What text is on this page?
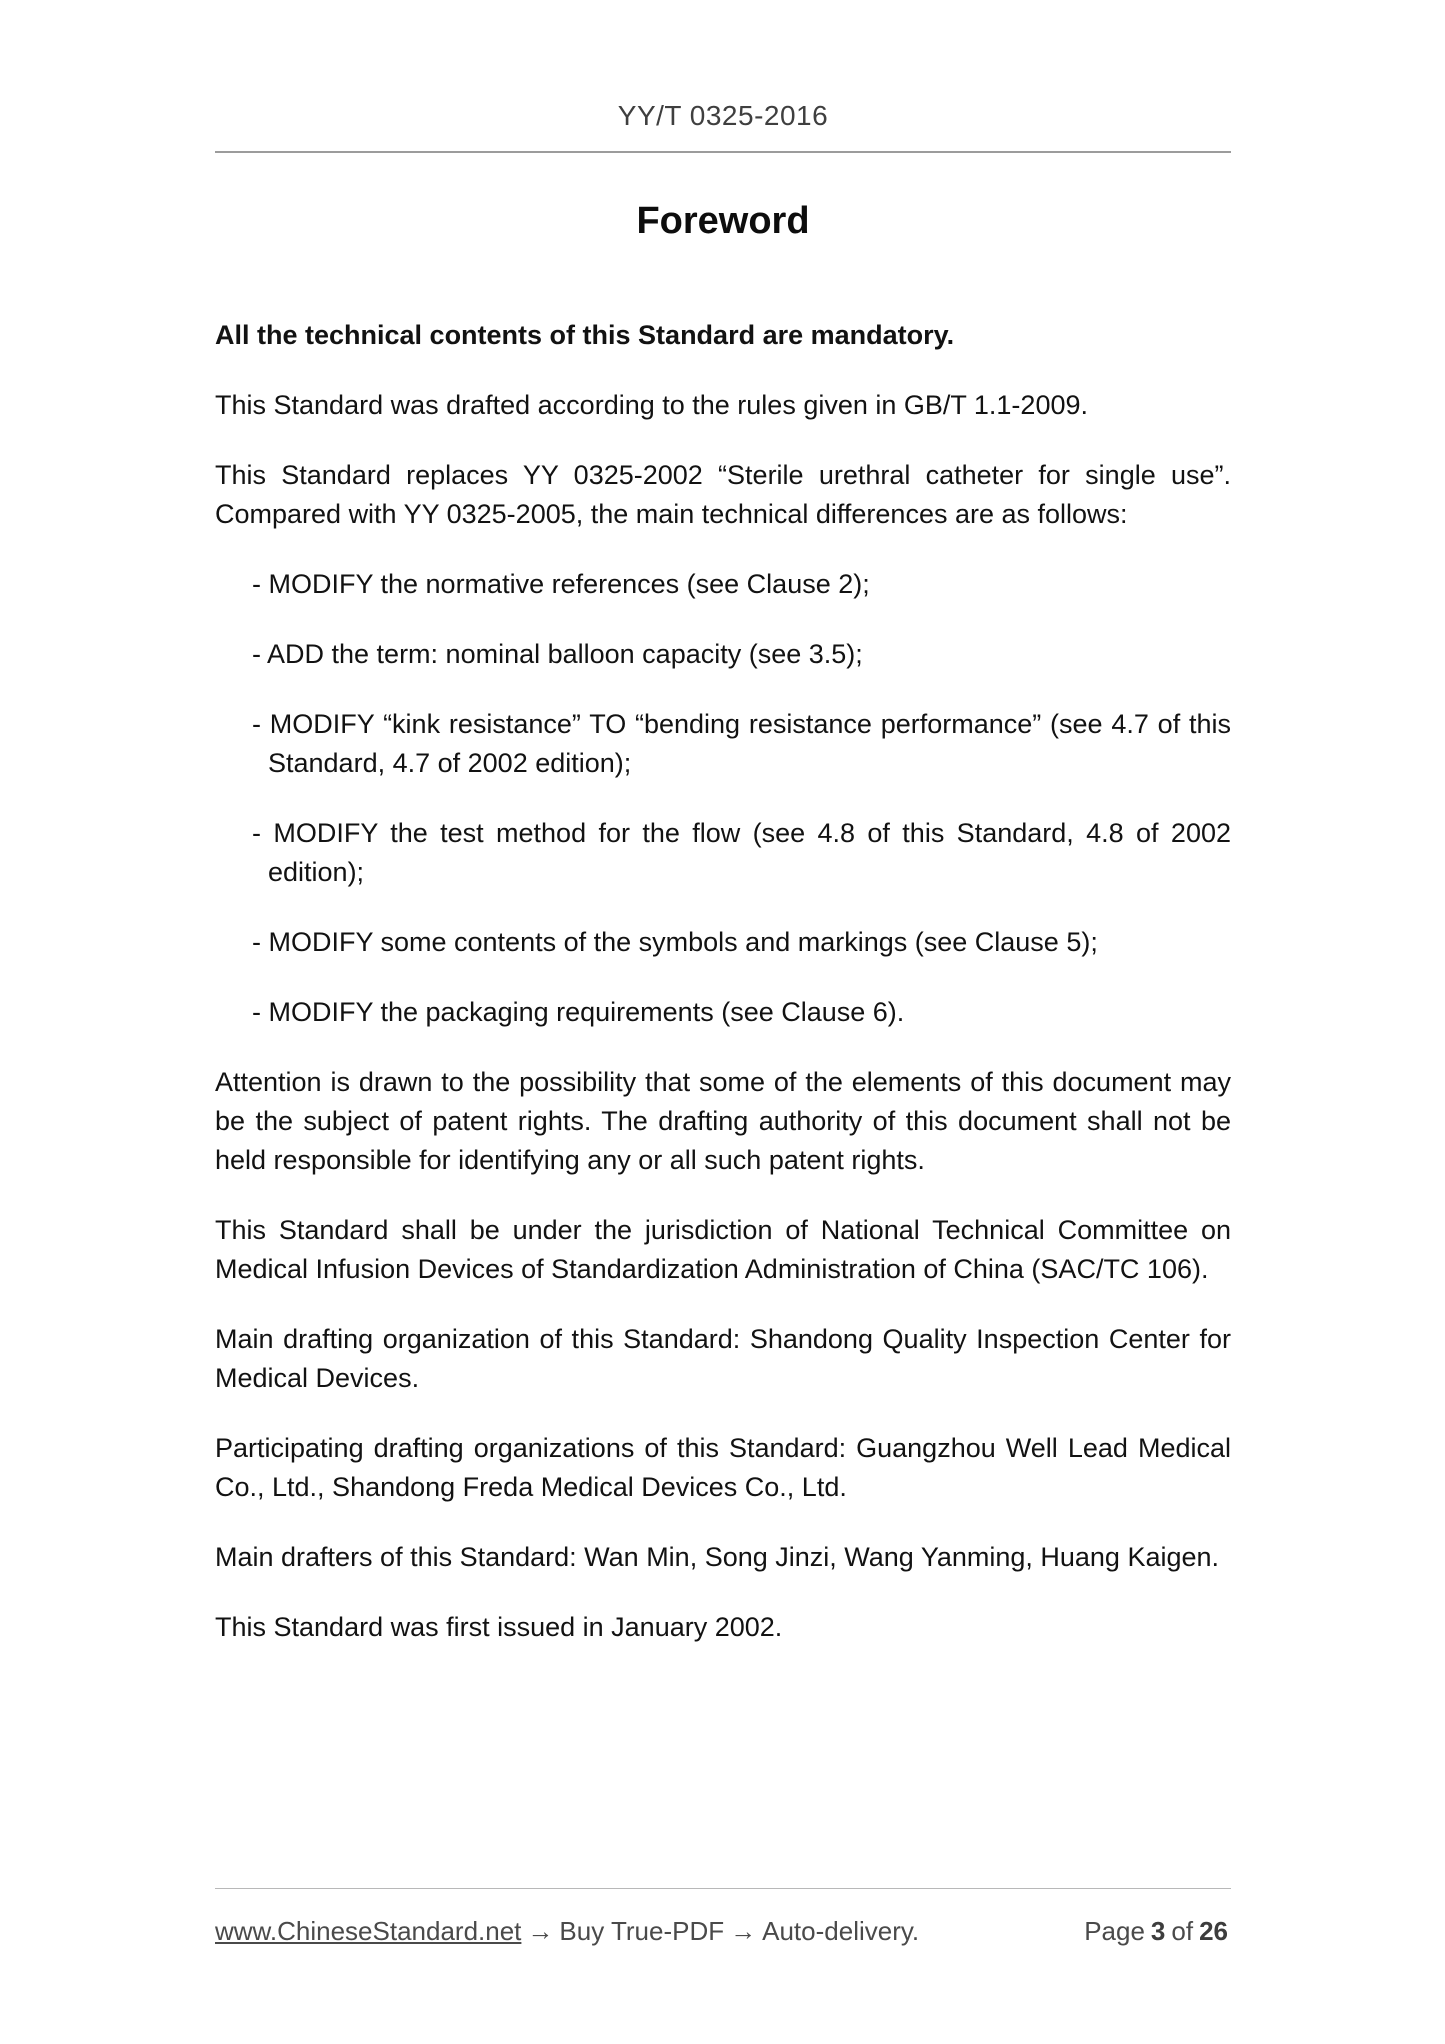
YY/T 0325-2016
Foreword
All the technical contents of this Standard are mandatory.
This Standard was drafted according to the rules given in GB/T 1.1-2009.
This Standard replaces YY 0325-2002 “Sterile urethral catheter for single use”. Compared with YY 0325-2005, the main technical differences are as follows:
- MODIFY the normative references (see Clause 2);
- ADD the term: nominal balloon capacity (see 3.5);
- MODIFY “kink resistance” TO “bending resistance performance” (see 4.7 of this Standard, 4.7 of 2002 edition);
- MODIFY the test method for the flow (see 4.8 of this Standard, 4.8 of 2002 edition);
- MODIFY some contents of the symbols and markings (see Clause 5);
- MODIFY the packaging requirements (see Clause 6).
Attention is drawn to the possibility that some of the elements of this document may be the subject of patent rights. The drafting authority of this document shall not be held responsible for identifying any or all such patent rights.
This Standard shall be under the jurisdiction of National Technical Committee on Medical Infusion Devices of Standardization Administration of China (SAC/TC 106).
Main drafting organization of this Standard: Shandong Quality Inspection Center for Medical Devices.
Participating drafting organizations of this Standard: Guangzhou Well Lead Medical Co., Ltd., Shandong Freda Medical Devices Co., Ltd.
Main drafters of this Standard: Wan Min, Song Jinzi, Wang Yanming, Huang Kaigen.
This Standard was first issued in January 2002.
www.ChineseStandard.net → Buy True-PDF → Auto-delivery.	Page 3 of 26
